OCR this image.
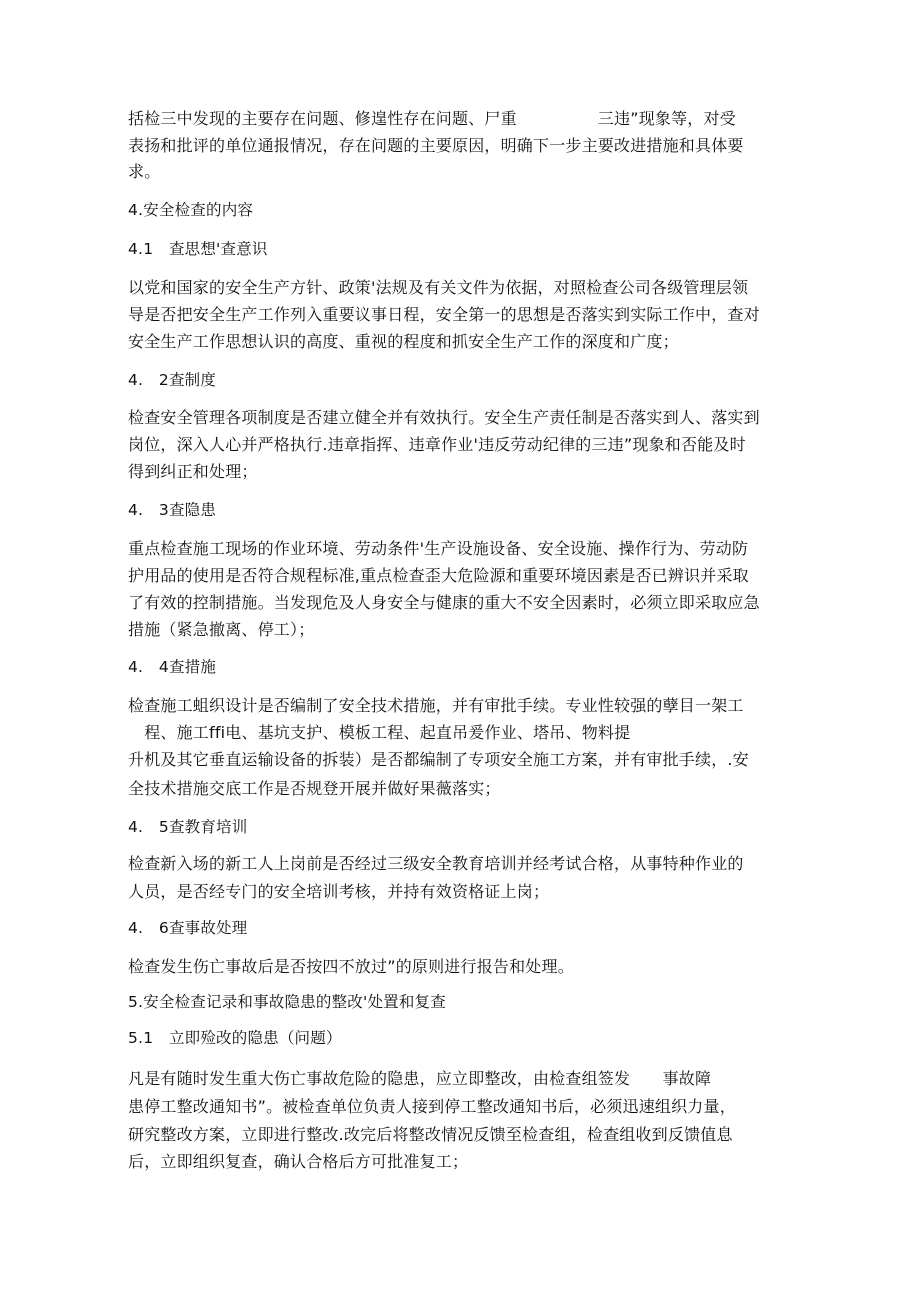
括检三中发现的主要存在问题、修遑性存在问题、尸重　　　　　三违”现象等，对受
表扬和批评的单位通报情况，存在问题的主要原因，明确下一步主要改进措施和具体要
求。
4.安全检查的内容
4.1　查思想'查意识
以党和国家的安全生产方针、政策'法规及有关文件为依据，对照检查公司各级管理层领
导是否把安全生产工作列入重要议事日程，安全第一的思想是否落实到实际工作中，查对
安全生产工作思想认识的高度、重视的程度和抓安全生产工作的深度和广度；
4.　2查制度
检查安全管理各项制度是否建立健全并有效执行。安全生产责任制是否落实到人、落实到
岗位，深入人心并严格执行.违章指挥、违章作业'违反劳动纪律的三违”现象和否能及时
得到纠正和处理；
4.　3查隐患
重点检查施工现场的作业环境、劳动条件'生产设施设备、安全设施、操作行为、劳动防
护用品的使用是否符合规程标准,重点检查歪大危险源和重要环境因素是否已辨识并采取
了有效的控制措施。当发现危及人身安全与健康的重大不安全因素时，必须立即采取应急
措施（紧急撤离、停工）；
4.　4查措施
检查施工蛆织设计是否编制了安全技术措施，并有审批手续。专业性较强的孽目一架工
　程、施工ffi电、基坑支护、模板工程、起直吊爰作业、塔吊、物料提
升机及其它垂直运输设备的拆装）是否都编制了专项安全施工方案，并有审批手续，.安
全技术措施交底工作是否规登开展并做好果薇落实；
4.　5查教育培训
检查新入场的新工人上岗前是否经过三级安全教育培训并经考试合格，从事特种作业的
人员，是否经专门的安全培训考核，并持有效资格证上岗；
4.　6查事故处理
检查发生伤亡事故后是否按四不放过”的原则进行报告和处理。
5.安全检查记录和事故隐患的整改'处置和复查
5.1　立即殓改的隐患（问题）
凡是有随时发生重大伤亡事故危险的隐患，应立即整改，由检查组签发　　事故障
患停工整改通知书”。被检查单位负责人接到停工整改通知书后，必须迅速组织力量，
研究整改方案，立即进行整改.改完后将整改情况反馈至检查组，检查组收到反馈值息
后，立即组织复查，确认合格后方可批准复工；
